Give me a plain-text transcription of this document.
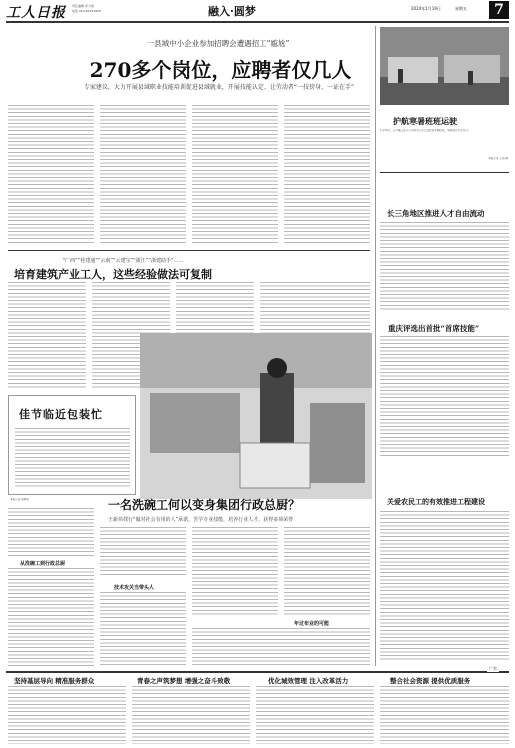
工人日报 责任编辑 李力希
电话 010-84151600	融入·圆梦	2024年1月19日	星期五	7
一县城中小企业参加招聘会遭遇招工“尴尬”
270多个岗位，应聘者仅几人
专家建议，大力开展县域职业技能培训促进县域就业，开展技能认定、让劳动者“一技傍身、一证在手”
护航寒暑班班运驶
1月16日，江苏镇江客运公司技术人员正在检查车辆性能，保障春运平安出行。
本报记者 王新 摄
长三角地区推进人才自由流动
重庆评选出首批“首席技能”
关爱农民工的有效推进工程建设
“广西”“桂建通”“云南”“云建宝”“浙江”“浙建助手”……
培育建筑产业工人，这些经验做法可复制
佳节临近包装忙
本报记者 杨晓东	一名洗碗工何以变身集团行政总厨？
王新伟找行“做对社会有用的人”承诺，苦学专业技能，培养行业人才，获得多项荣誉
从洗碗工到行政总厨
技术攻关当带头人
年过布业的可能
广告
坚持基层导向 精准服务群众	青春之声筑梦想 增强之奋斗致敬	优化城效管理 注入改革活力	整合社会资源 提供优质服务
